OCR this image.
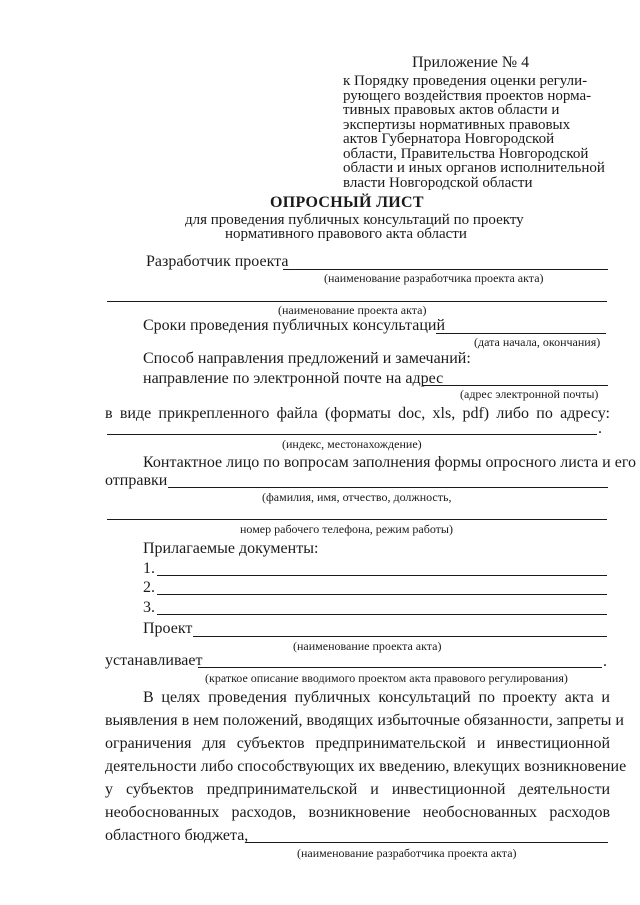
Приложение № 4
к Порядку проведения оценки регули-
рующего воздействия проектов норма-
тивных правовых актов области и
экспертизы нормативных правовых
актов Губернатора Новгородской
области, Правительства Новгородской
области и иных органов исполнительной
власти Новгородской области
ОПРОСНЫЙ ЛИСТ
для проведения публичных консультаций по проекту
нормативного правового акта области
Разработчик проекта
(наименование разработчика проекта акта)
(наименование проекта акта)
Сроки проведения публичных консультаций
(дата начала, окончания)
Способ направления предложений и замечаний:
направление по электронной почте на адрес
(адрес электронной почты)
в виде прикрепленного файла (форматы doc, xls, pdf) либо по адресу:
.
(индекс, местонахождение)
Контактное лицо по вопросам заполнения формы опросного листа и его
отправки
(фамилия, имя, отчество, должность,
номер рабочего телефона, режим работы)
Прилагаемые документы:
1.
2.
3.
Проект
(наименование проекта акта)
устанавливает	.
(краткое описание вводимого проектом акта правового регулирования)
В целях проведения публичных консультаций по проекту акта и
выявления в нем положений, вводящих избыточные обязанности, запреты и
ограничения для субъектов предпринимательской и инвестиционной
деятельности либо способствующих их введению, влекущих возникновение
у субъектов предпринимательской и инвестиционной деятельности
необоснованных расходов, возникновение необоснованных расходов
областного бюджета,
(наименование разработчика проекта акта)
